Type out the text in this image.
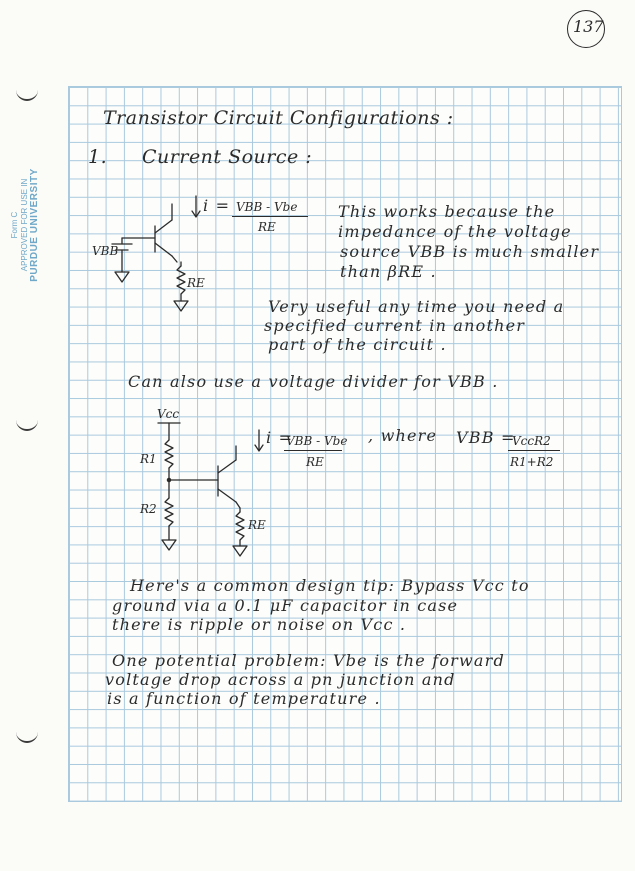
Form C APPROVED FOR USE IN PURDUE UNIVERSITY
137
Transistor Circuit Configurations :
1. Current Source :
VBB
RE
i = VBB - Vbe
RE
This works because the
impedance of the voltage
source VBB is much smaller
than βRE .
Very useful any time you need a
specified current in another
part of the circuit .
Can also use a voltage divider for VBB .
Vcc
R1
R2
RE
i =
VBB - Vbe
RE
, where VBB =
VccR2
R1+R2
Here's a common design tip: Bypass Vcc to
ground via a 0.1 μF capacitor in case
there is ripple or noise on Vcc .
One potential problem: Vbe is the forward
voltage drop across a pn junction and
is a function of temperature .
